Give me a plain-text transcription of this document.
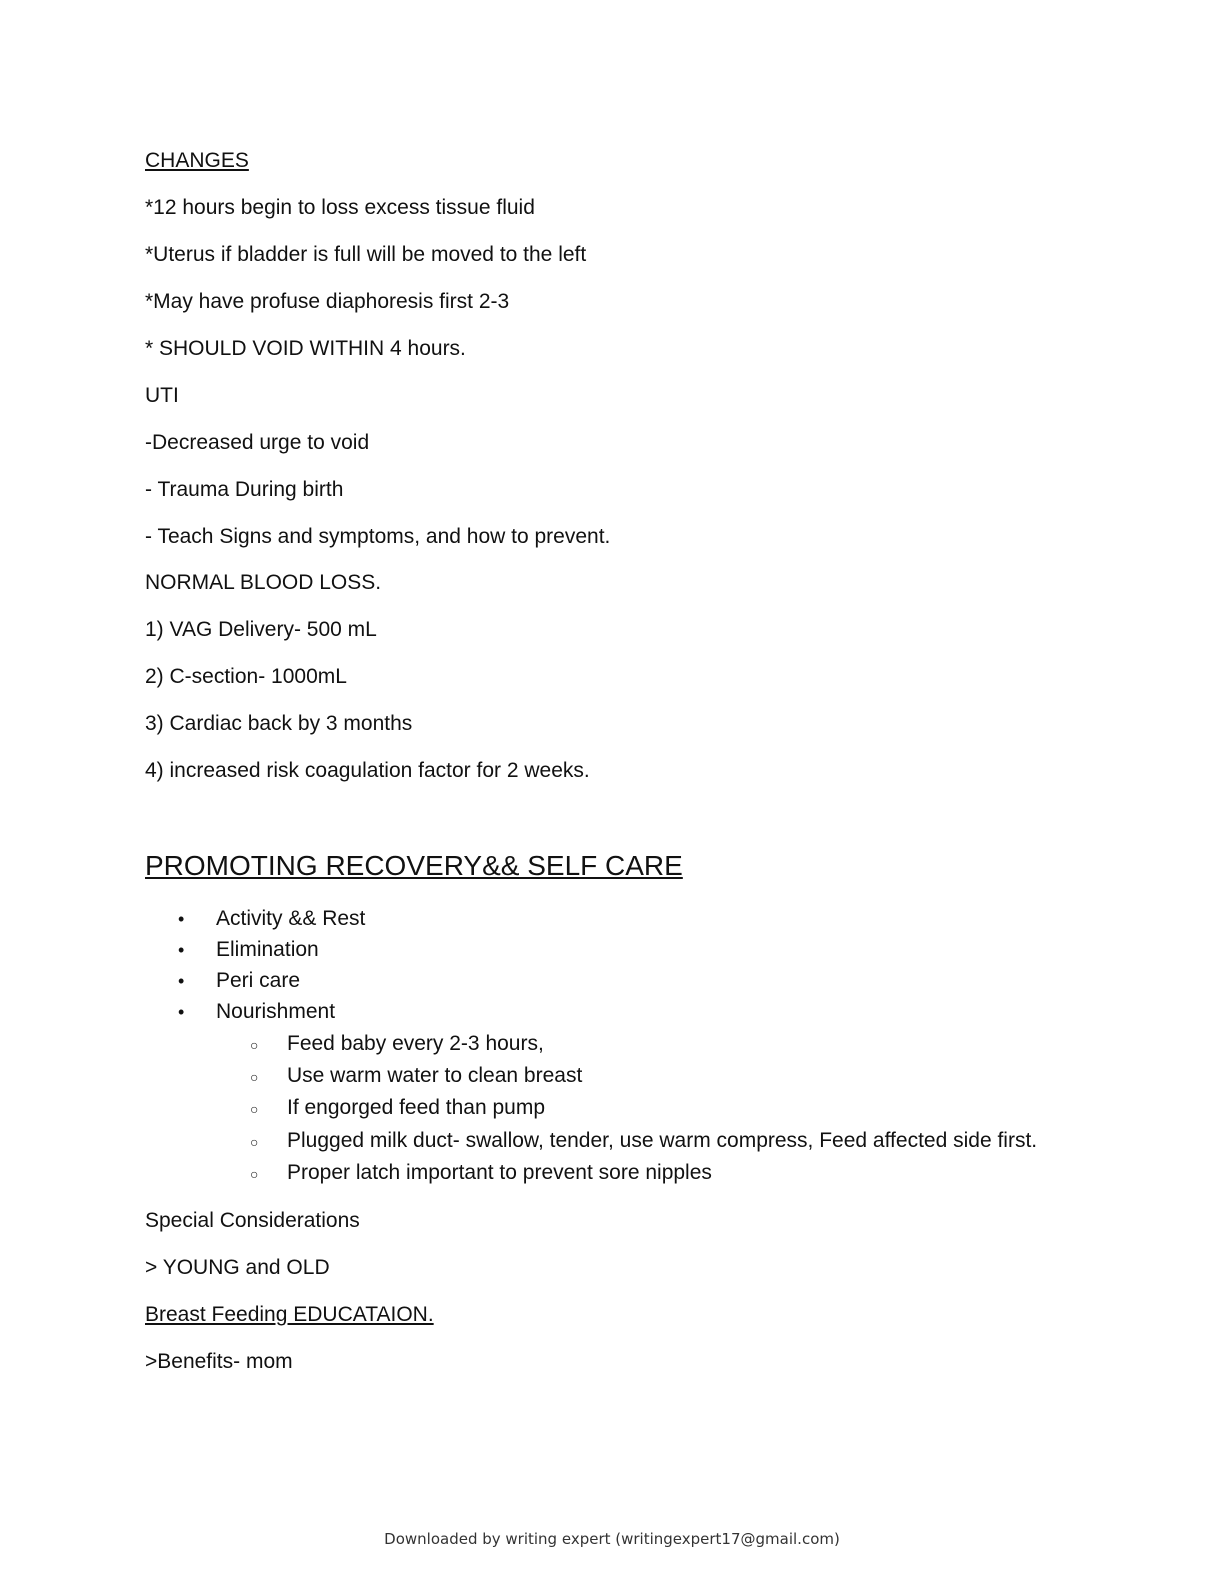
CHANGES
*12 hours begin to loss excess tissue fluid
*Uterus if bladder is full will be moved to the left
*May have profuse diaphoresis first 2-3
* SHOULD VOID WITHIN 4 hours.
UTI
-Decreased urge to void
- Trauma During birth
- Teach Signs and symptoms, and how to prevent.
NORMAL BLOOD LOSS.
1) VAG Delivery- 500 mL
2) C-section- 1000mL
3) Cardiac back by 3 months
4) increased risk coagulation factor for 2 weeks.
PROMOTING RECOVERY&& SELF CARE
• Activity && Rest
• Elimination
• Peri care
• Nourishment
○ Feed baby every 2-3 hours,
○ Use warm water to clean breast
○ If engorged feed than pump
○ Plugged milk duct- swallow, tender, use warm compress, Feed affected side first.
○ Proper latch important to prevent sore nipples
Special Considerations
> YOUNG and OLD
Breast Feeding EDUCATAION.
>Benefits- mom
Downloaded by writing expert (writingexpert17@gmail.com)
